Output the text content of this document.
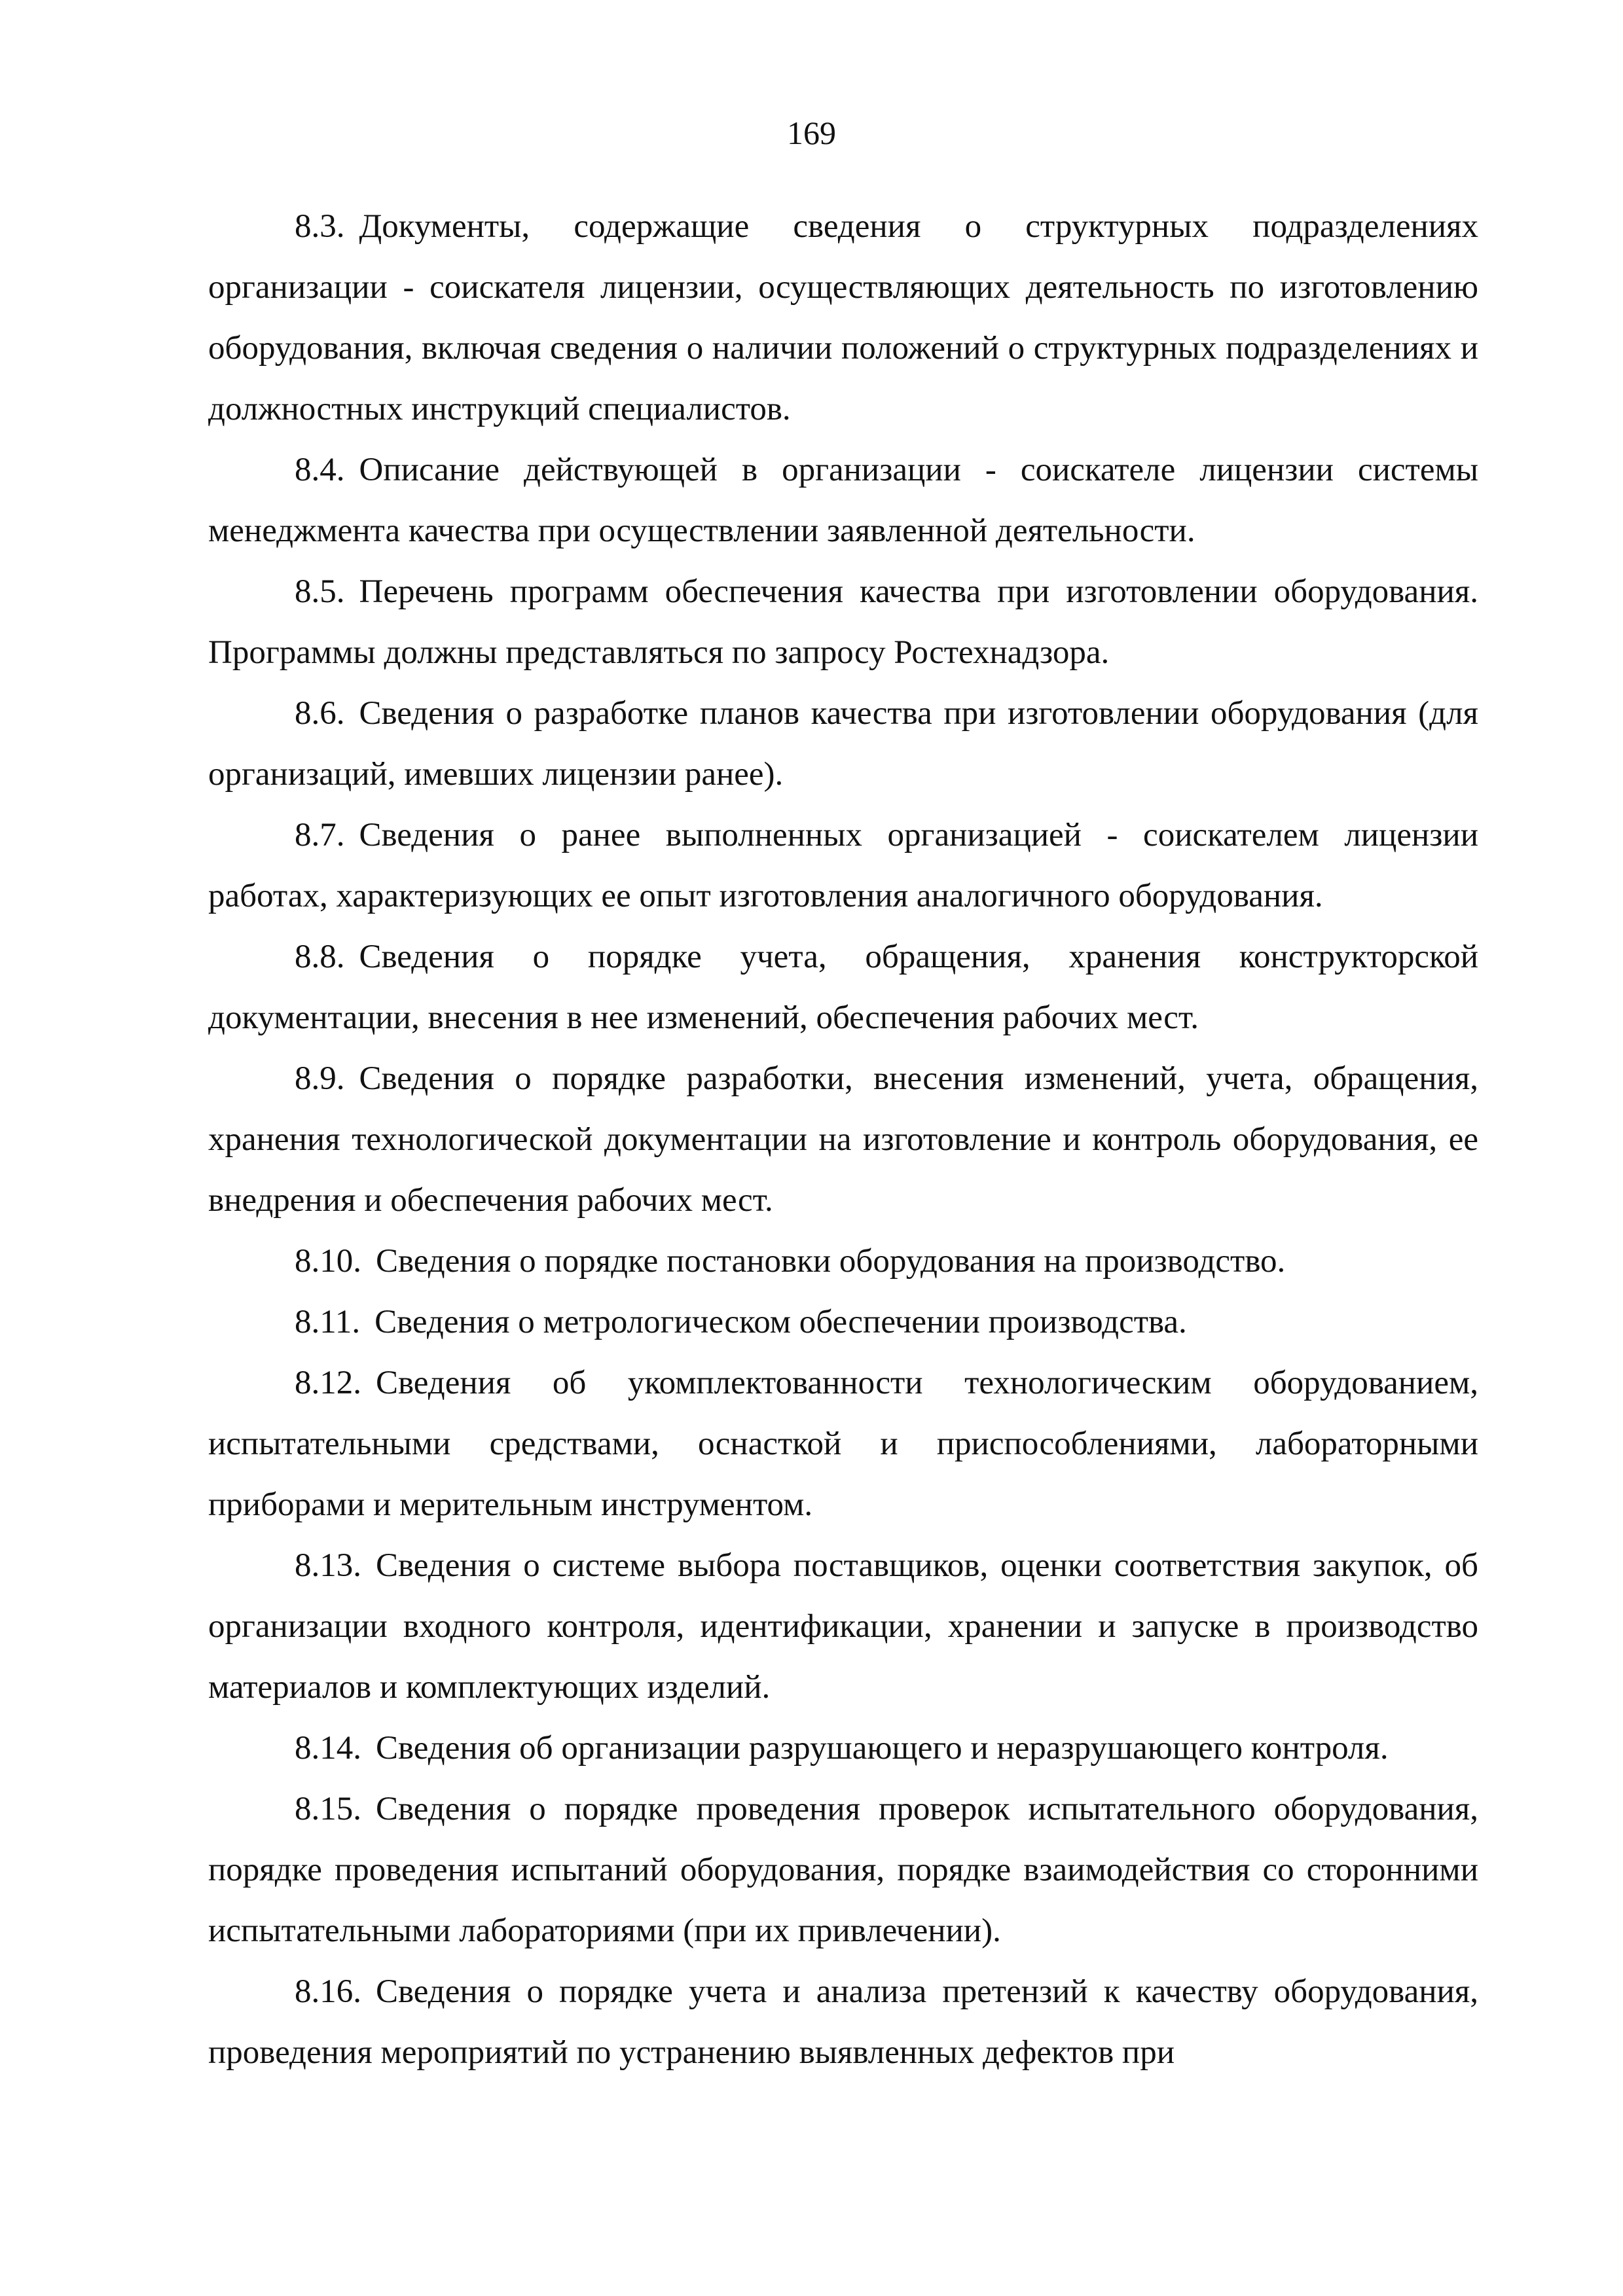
169

8.3. Документы, содержащие сведения о структурных подразделениях организации - соискателя лицензии, осуществляющих деятельность по изготовлению оборудования, включая сведения о наличии положений о структурных подразделениях и должностных инструкций специалистов.

8.4. Описание действующей в организации - соискателе лицензии системы менеджмента качества при осуществлении заявленной деятельности.

8.5. Перечень программ обеспечения качества при изготовлении оборудования. Программы должны представляться по запросу Ростехнадзора.

8.6. Сведения о разработке планов качества при изготовлении оборудования (для организаций, имевших лицензии ранее).

8.7. Сведения о ранее выполненных организацией - соискателем лицензии работах, характеризующих ее опыт изготовления аналогичного оборудования.

8.8. Сведения о порядке учета, обращения, хранения конструкторской документации, внесения в нее изменений, обеспечения рабочих мест.

8.9. Сведения о порядке разработки, внесения изменений, учета, обращения, хранения технологической документации на изготовление и контроль оборудования, ее внедрения и обеспечения рабочих мест.

8.10. Сведения о порядке постановки оборудования на производство.

8.11. Сведения о метрологическом обеспечении производства.

8.12. Сведения об укомплектованности технологическим оборудованием, испытательными средствами, оснасткой и приспособлениями, лабораторными приборами и мерительным инструментом.

8.13. Сведения о системе выбора поставщиков, оценки соответствия закупок, об организации входного контроля, идентификации, хранении и запуске в производство материалов и комплектующих изделий.

8.14. Сведения об организации разрушающего и неразрушающего контроля.

8.15. Сведения о порядке проведения проверок испытательного оборудования, порядке проведения испытаний оборудования, порядке взаимодействия со сторонними испытательными лабораториями (при их привлечении).

8.16. Сведения о порядке учета и анализа претензий к качеству оборудования, проведения мероприятий по устранению выявленных дефектов при
